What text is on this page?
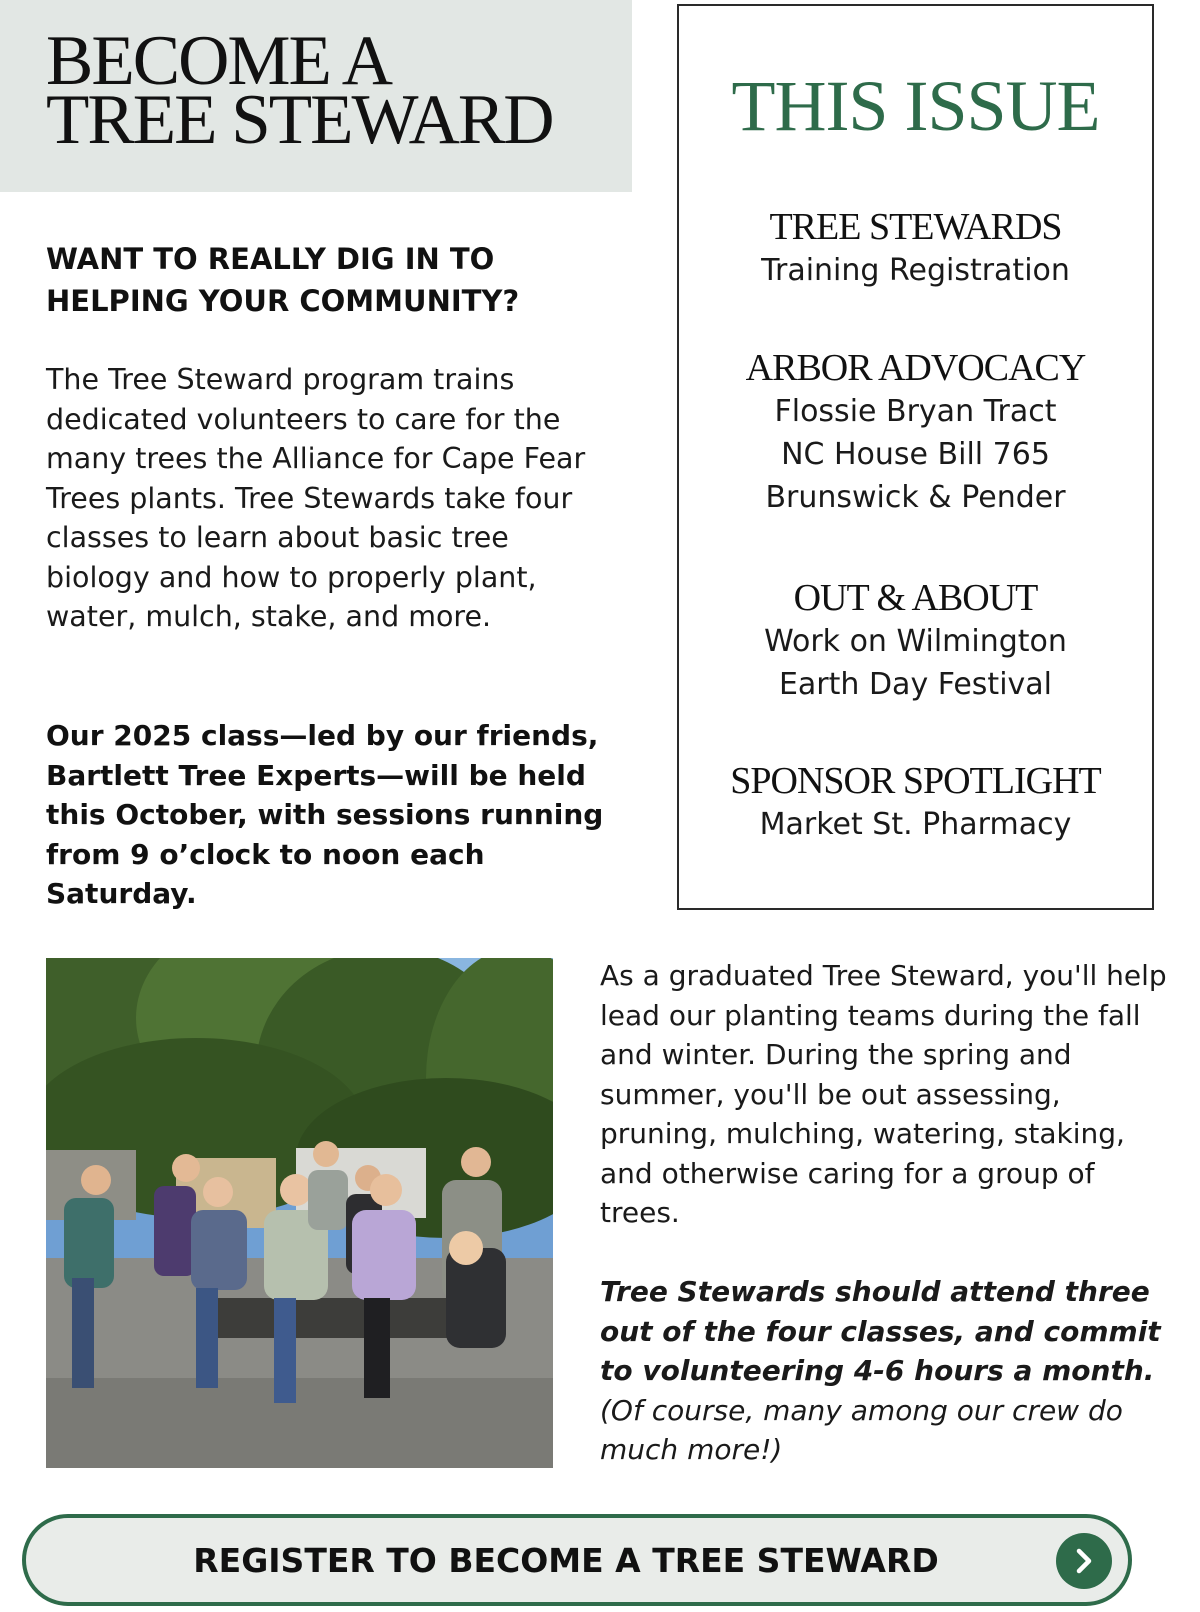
BECOME A
TREE STEWARD
WANT TO REALLY DIG IN TO HELPING YOUR COMMUNITY?

The Tree Steward program trains dedicated volunteers to care for the many trees the Alliance for Cape Fear Trees plants. Tree Stewards take four classes to learn about basic tree biology and how to properly plant, water, mulch, stake, and more.

Our 2025 class—led by our friends, Bartlett Tree Experts—will be held this October, with sessions running from 9 o’clock to noon each Saturday.

THIS ISSUE
TREE STEWARDS
Training Registration
ARBOR ADVOCACY
Flossie Bryan Tract
NC House Bill 765
Brunswick & Pender
OUT & ABOUT
Work on Wilmington
Earth Day Festival
SPONSOR SPOTLIGHT
Market St. Pharmacy

As a graduated Tree Steward, you'll help lead our planting teams during the fall and winter. During the spring and summer, you'll be out assessing, pruning, mulching, watering, staking, and otherwise caring for a group of trees.

Tree Stewards should attend three out of the four classes, and commit to volunteering 4-6 hours a month. (Of course, many among our crew do much more!)

REGISTER TO BECOME A TREE STEWARD
